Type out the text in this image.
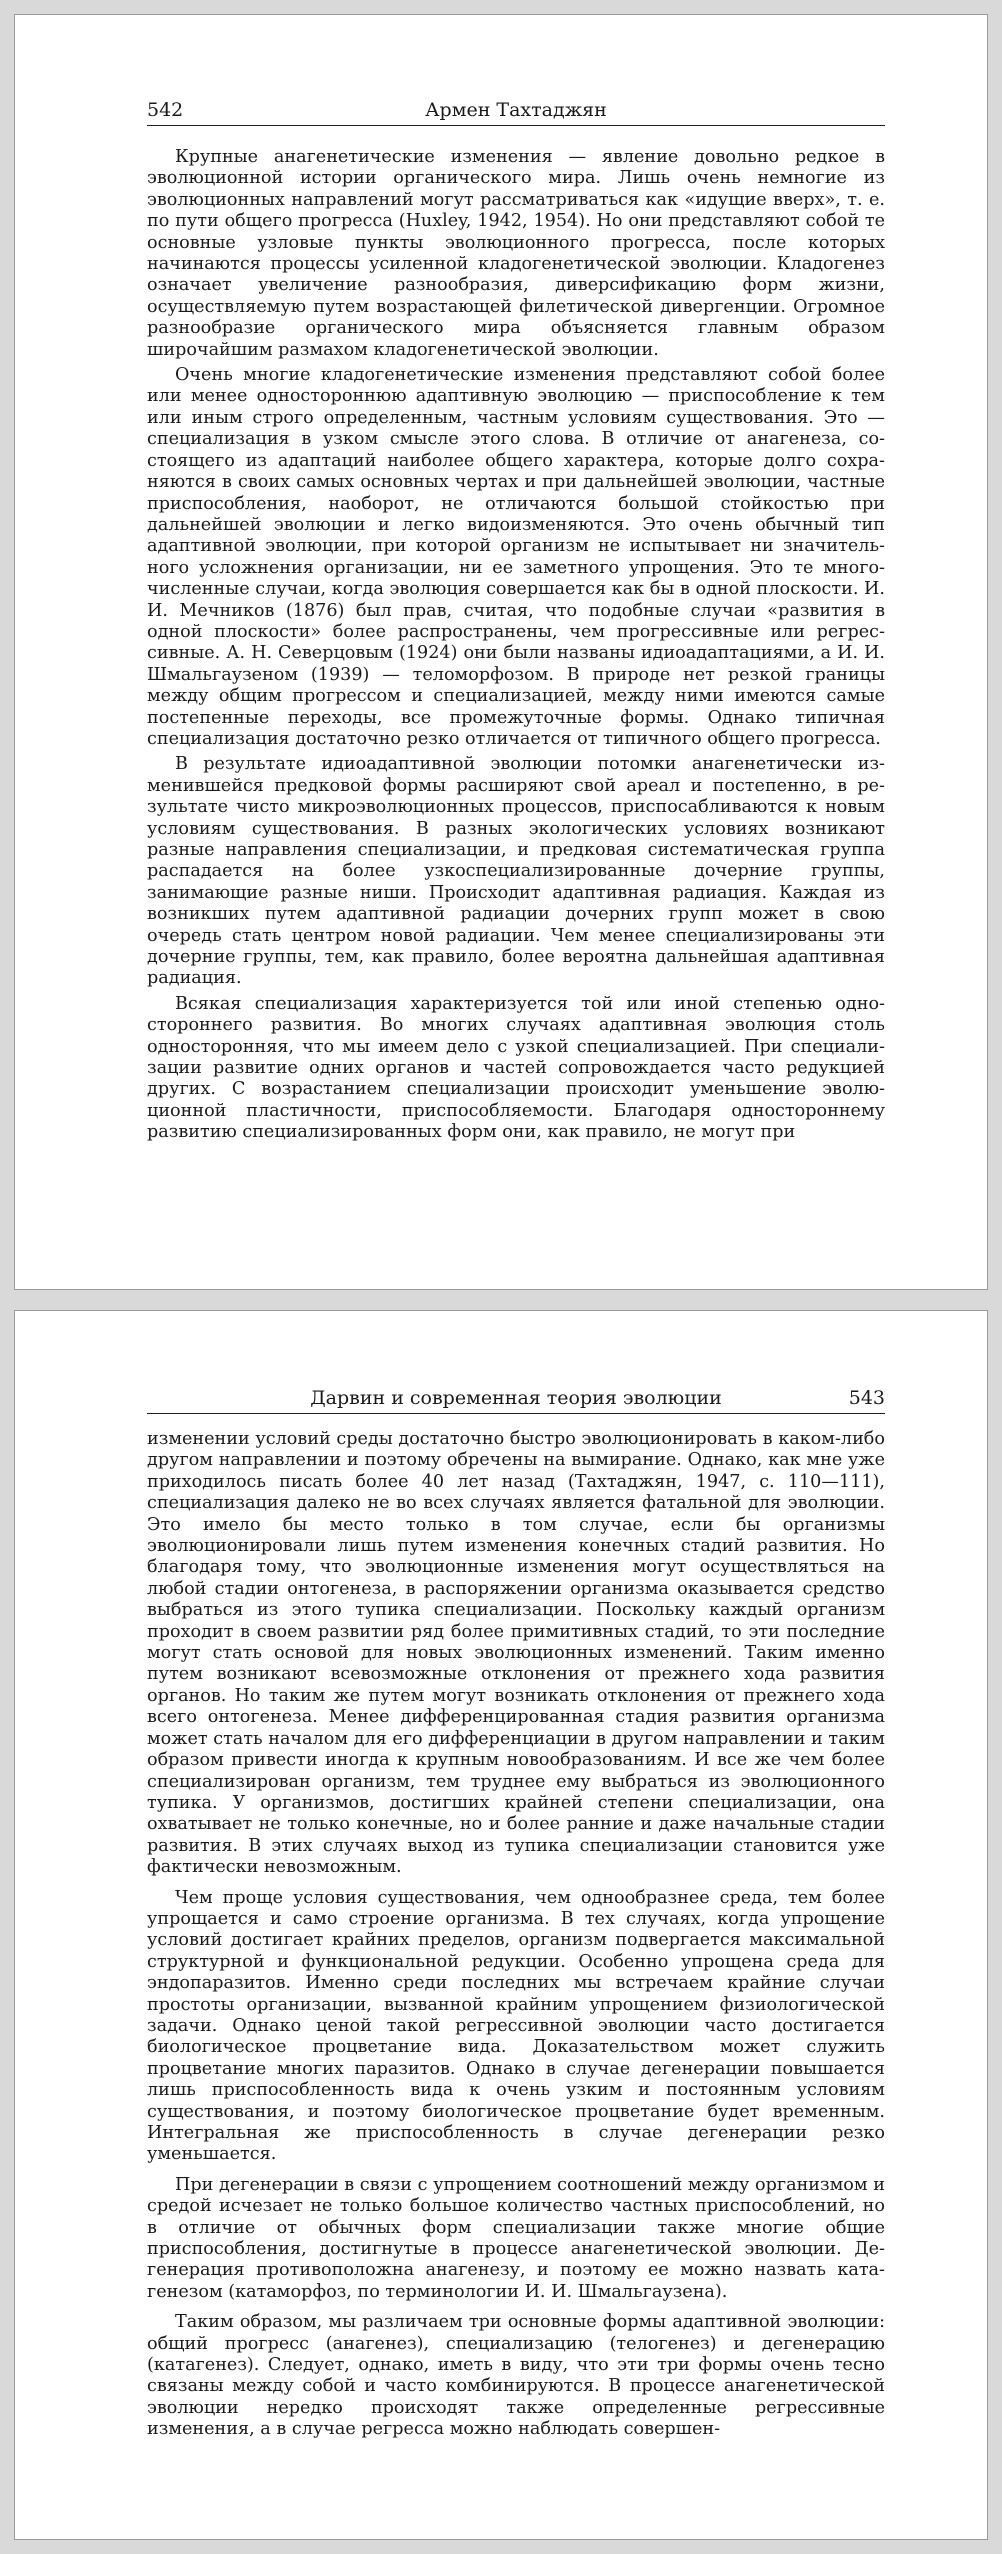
542	Армен Тахтаджян

Крупные анагенетические изменения — явление довольно редкое в эволюционной истории органического мира. Лишь очень немногие из эволюционных направлений могут рассматриваться как «идущие вверх», т. е. по пути общего прогресса (Huxley, 1942, 1954). Но они представляют собой те основные узловые пункты эволюционного прогресса, после которых начинаются процессы усиленной кладогенетической эволюции. Кладогенез означает увеличение разнообразия, диверсификацию форм жизни, осуществляемую путем возрастающей филетической дивергенции. Огромное разнообразие органического мира объясняется главным образом широчайшим размахом кладогенетической эволюции.

Очень многие кладогенетические изменения представляют собой более или менее одностороннюю адаптивную эволюцию — приспособление к тем или иным строго определенным, частным условиям существования. Это — специализация в узком смысле этого слова. В отличие от анагенеза, состоящего из адаптаций наиболее общего характера, которые долго сохраняются в своих самых основных чертах и при дальнейшей эволюции, частные приспособления, наоборот, не отличаются большой стойкостью при дальнейшей эволюции и легко видоизменяются. Это очень обычный тип адаптивной эволюции, при которой организм не испытывает ни значительного усложнения организации, ни ее заметного упрощения. Это те многочисленные случаи, когда эволюция совершается как бы в одной плоскости. И. И. Мечников (1876) был прав, считая, что подобные случаи «развития в одной плоскости» более распространены, чем прогрессивные или регрессивные. А. Н. Северцовым (1924) они были названы идиоадаптациями, а И. И. Шмальгаузеном (1939) — теломорфозом. В природе нет резкой границы между общим прогрессом и специализацией, между ними имеются самые постепенные переходы, все промежуточные формы. Однако типичная специализация достаточно резко отличается от типичного общего прогресса.

В результате идиоадаптивной эволюции потомки анагенетически изменившейся предковой формы расширяют свой ареал и постепенно, в результате чисто микроэволюционных процессов, приспосабливаются к новым условиям существования. В разных экологических условиях возникают разные направления специализации, и предковая систематическая группа распадается на более узкоспециализированные дочерние группы, занимающие разные ниши. Происходит адаптивная радиация. Каждая из возникших путем адаптивной радиации дочерних групп может в свою очередь стать центром новой радиации. Чем менее специализированы эти дочерние группы, тем, как правило, более вероятна дальнейшая адаптивная радиация.

Всякая специализация характеризуется той или иной степенью одностороннего развития. Во многих случаях адаптивная эволюция столь односторонняя, что мы имеем дело с узкой специализацией. При специализации развитие одних органов и частей сопровождается часто редукцией других. С возрастанием специализации происходит уменьшение эволюционной пластичности, приспособляемости. Благодаря одностороннему развитию специализированных форм они, как правило, не могут при

Дарвин и современная теория эволюции	543

изменении условий среды достаточно быстро эволюционировать в каком-либо другом направлении и поэтому обречены на вымирание. Однако, как мне уже приходилось писать более 40 лет назад (Тахтаджян, 1947, с. 110—111), специализация далеко не во всех случаях является фатальной для эволюции. Это имело бы место только в том случае, если бы организмы эволюционировали лишь путем изменения конечных стадий развития. Но благодаря тому, что эволюционные изменения могут осуществляться на любой стадии онтогенеза, в распоряжении организма оказывается средство выбраться из этого тупика специализации. Поскольку каждый организм проходит в своем развитии ряд более примитивных стадий, то эти последние могут стать основой для новых эволюционных изменений. Таким именно путем возникают всевозможные отклонения от прежнего хода развития органов. Но таким же путем могут возникать отклонения от прежнего хода всего онтогенеза. Менее дифференцированная стадия развития организма может стать началом для его дифференциации в другом направлении и таким образом привести иногда к крупным новообразованиям. И все же чем более специализирован организм, тем труднее ему выбраться из эволюционного тупика. У организмов, достигших крайней степени специализации, она охватывает не только конечные, но и более ранние и даже начальные стадии развития. В этих случаях выход из тупика специализации становится уже фактически невозможным.

Чем проще условия существования, чем однообразнее среда, тем более упрощается и само строение организма. В тех случаях, когда упрощение условий достигает крайних пределов, организм подвергается максимальной структурной и функциональной редукции. Особенно упрощена среда для эндопаразитов. Именно среди последних мы встречаем крайние случаи простоты организации, вызванной крайним упрощением физиологической задачи. Однако ценой такой регрессивной эволюции часто достигается биологическое процветание вида. Доказательством может служить процветание многих паразитов. Однако в случае дегенерации повышается лишь приспособленность вида к очень узким и постоянным условиям существования, и поэтому биологическое процветание будет временным. Интегральная же приспособленность в случае дегенерации резко уменьшается.

При дегенерации в связи с упрощением соотношений между организмом и средой исчезает не только большое количество частных приспособлений, но в отличие от обычных форм специализации также многие общие приспособления, достигнутые в процессе анагенетической эволюции. Дегенерация противоположна анагенезу, и поэтому ее можно назвать катагенезом (катаморфоз, по терминологии И. И. Шмальгаузена).

Таким образом, мы различаем три основные формы адаптивной эволюции: общий прогресс (анагенез), специализацию (телогенез) и дегенерацию (катагенез). Следует, однако, иметь в виду, что эти три формы очень тесно связаны между собой и часто комбинируются. В процессе анагенетической эволюции нередко происходят также определенные регрессивные изменения, а в случае регресса можно наблюдать совершен-
